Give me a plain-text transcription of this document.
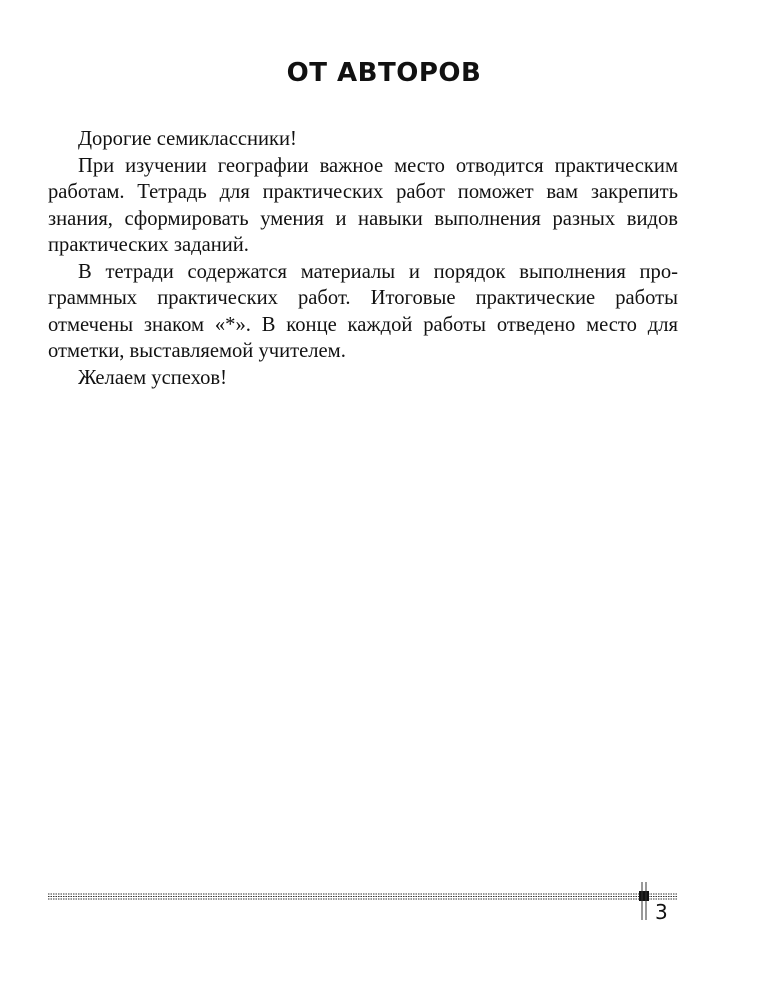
ОТ АВТОРОВ

Дорогие семиклассники!

При изучении географии важное место отводится практическим работам. Тетрадь для практических работ поможет вам закрепить знания, сформировать умения и навыки выполнения разных видов практических заданий.

В тетради содержатся материалы и порядок выполнения программных практических работ. Итоговые практические работы отмечены знаком «*». В конце каждой работы отведено место для отметки, выставляемой учителем.

Желаем успехов!

3
